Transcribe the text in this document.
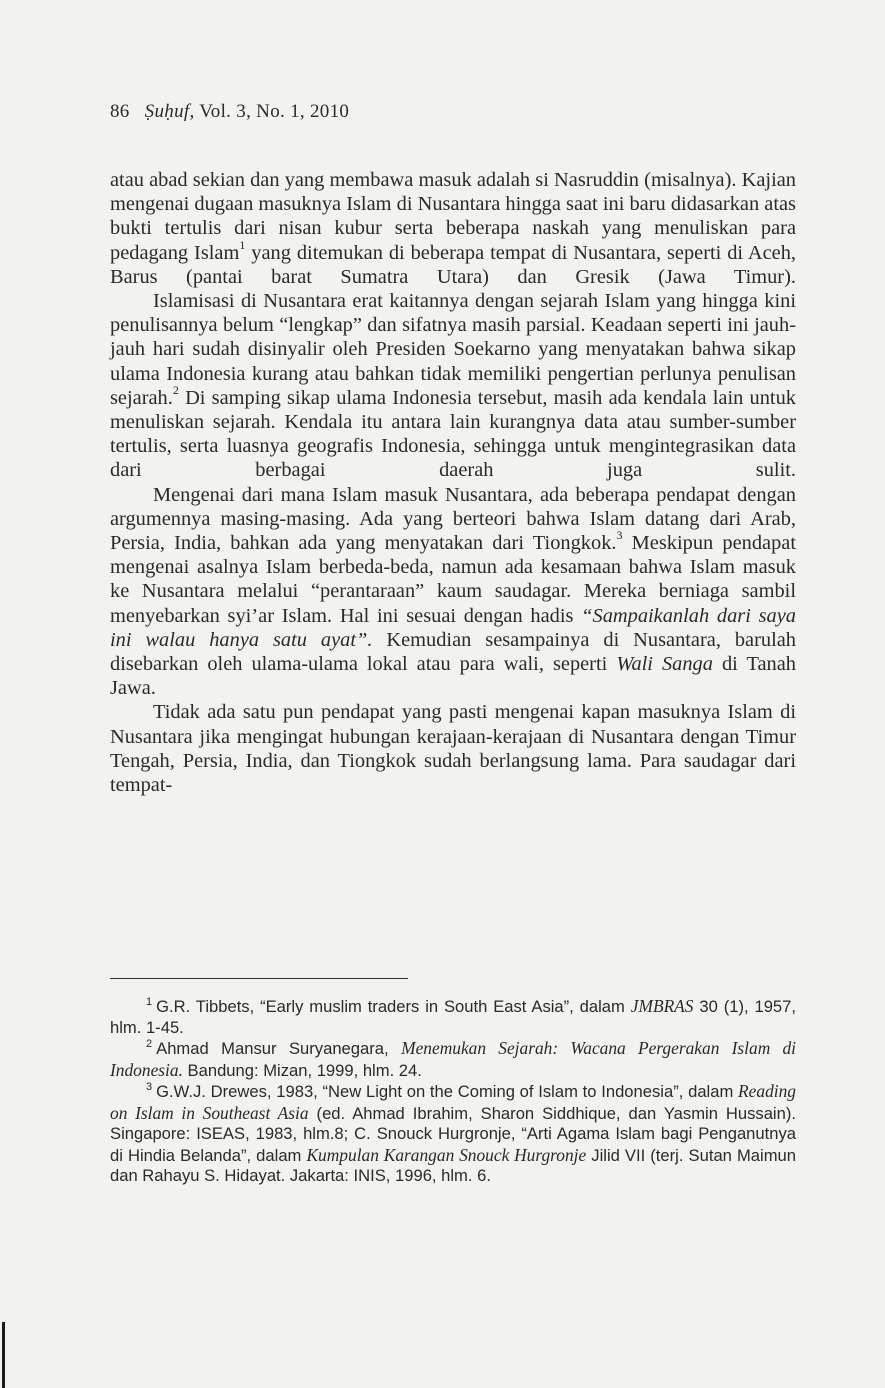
86 Ṣuḥuf, Vol. 3, No. 1, 2010

atau abad sekian dan yang membawa masuk adalah si Nasruddin (misalnya). Kajian mengenai dugaan masuknya Islam di Nusantara hingga saat ini baru didasarkan atas bukti tertulis dari nisan kubur serta beberapa naskah yang menuliskan para pedagang Islam$^1$ yang ditemukan di beberapa tempat di Nusantara, seperti di Aceh, Barus (pantai barat Sumatra Utara) dan Gresik (Jawa Timur).

Islamisasi di Nusantara erat kaitannya dengan sejarah Islam yang hingga kini penulisannya belum “lengkap” dan sifatnya masih parsial. Keadaan seperti ini jauh-jauh hari sudah disinyalir oleh Presiden Soekarno yang menyatakan bahwa sikap ulama Indonesia kurang atau bahkan tidak memiliki pengertian perlunya penulisan sejarah.$^2$ Di samping sikap ulama Indonesia tersebut, masih ada kendala lain untuk menuliskan sejarah. Kendala itu antara lain kurangnya data atau sumber-sumber tertulis, serta luasnya geografis Indonesia, sehingga untuk mengintegrasikan data dari berbagai daerah juga sulit.

Mengenai dari mana Islam masuk Nusantara, ada beberapa pendapat dengan argumennya masing-masing. Ada yang berteori bahwa Islam datang dari Arab, Persia, India, bahkan ada yang menyatakan dari Tiongkok.$^3$ Meskipun pendapat mengenai asalnya Islam berbeda-beda, namun ada kesamaan bahwa Islam masuk ke Nusantara melalui “perantaraan” kaum saudagar. Mereka berniaga sambil menyebarkan syi’ar Islam. Hal ini sesuai dengan hadis “Sampaikanlah dari saya ini walau hanya satu ayat”. Kemudian sesampainya di Nusantara, barulah disebarkan oleh ulama-ulama lokal atau para wali, seperti Wali Sanga di Tanah Jawa.

Tidak ada satu pun pendapat yang pasti mengenai kapan masuknya Islam di Nusantara jika mengingat hubungan kerajaan-kerajaan di Nusantara dengan Timur Tengah, Persia, India, dan Tiongkok sudah berlangsung lama. Para saudagar dari tempat-

$^1$ G.R. Tibbets, “Early muslim traders in South East Asia”, dalam JMBRAS 30 (1), 1957, hlm. 1-45.

$^2$ Ahmad Mansur Suryanegara, Menemukan Sejarah: Wacana Pergerakan Islam di Indonesia. Bandung: Mizan, 1999, hlm. 24.

$^3$ G.W.J. Drewes, 1983, “New Light on the Coming of Islam to Indonesia”, dalam Reading on Islam in Southeast Asia (ed. Ahmad Ibrahim, Sharon Siddhique, dan Yasmin Hussain). Singapore: ISEAS, 1983, hlm.8; C. Snouck Hurgronje, “Arti Agama Islam bagi Penganutnya di Hindia Belanda”, dalam Kumpulan Karangan Snouck Hurgronje Jilid VII (terj. Sutan Maimun dan Rahayu S. Hidayat. Jakarta: INIS, 1996, hlm. 6.
